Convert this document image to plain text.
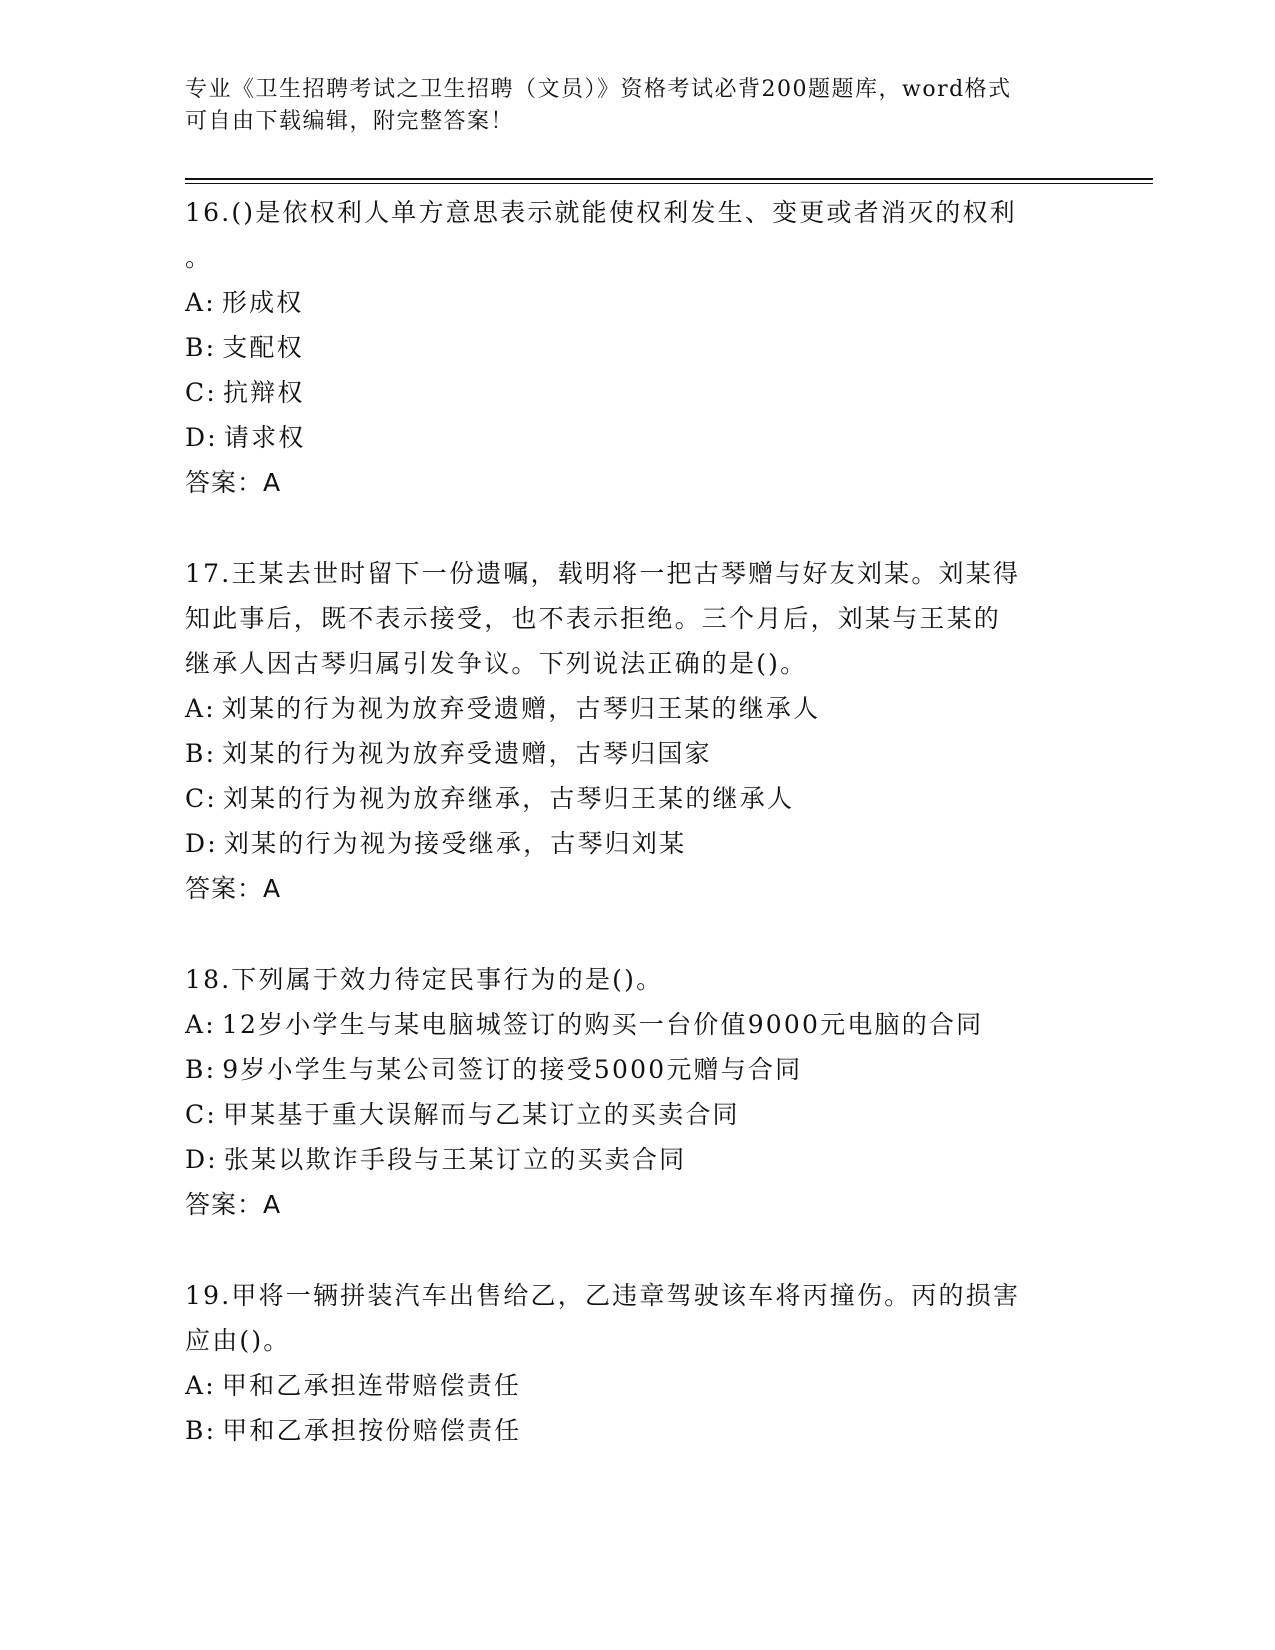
专业《卫生招聘考试之卫生招聘（文员）》资格考试必背200题题库，word格式
可自由下载编辑，附完整答案！
16.()是依权利人单方意思表示就能使权利发生、变更或者消灭的权利
。
A: 形成权
B: 支配权
C: 抗辩权
D: 请求权
答案：A
17.王某去世时留下一份遗嘱，载明将一把古琴赠与好友刘某。刘某得
知此事后，既不表示接受，也不表示拒绝。三个月后，刘某与王某的
继承人因古琴归属引发争议。下列说法正确的是()。
A: 刘某的行为视为放弃受遗赠，古琴归王某的继承人
B: 刘某的行为视为放弃受遗赠，古琴归国家
C: 刘某的行为视为放弃继承，古琴归王某的继承人
D: 刘某的行为视为接受继承，古琴归刘某
答案：A
18.下列属于效力待定民事行为的是()。
A: 12岁小学生与某电脑城签订的购买一台价值9000元电脑的合同
B: 9岁小学生与某公司签订的接受5000元赠与合同
C: 甲某基于重大误解而与乙某订立的买卖合同
D: 张某以欺诈手段与王某订立的买卖合同
答案：A
19.甲将一辆拼装汽车出售给乙，乙违章驾驶该车将丙撞伤。丙的损害
应由()。
A: 甲和乙承担连带赔偿责任
B: 甲和乙承担按份赔偿责任
